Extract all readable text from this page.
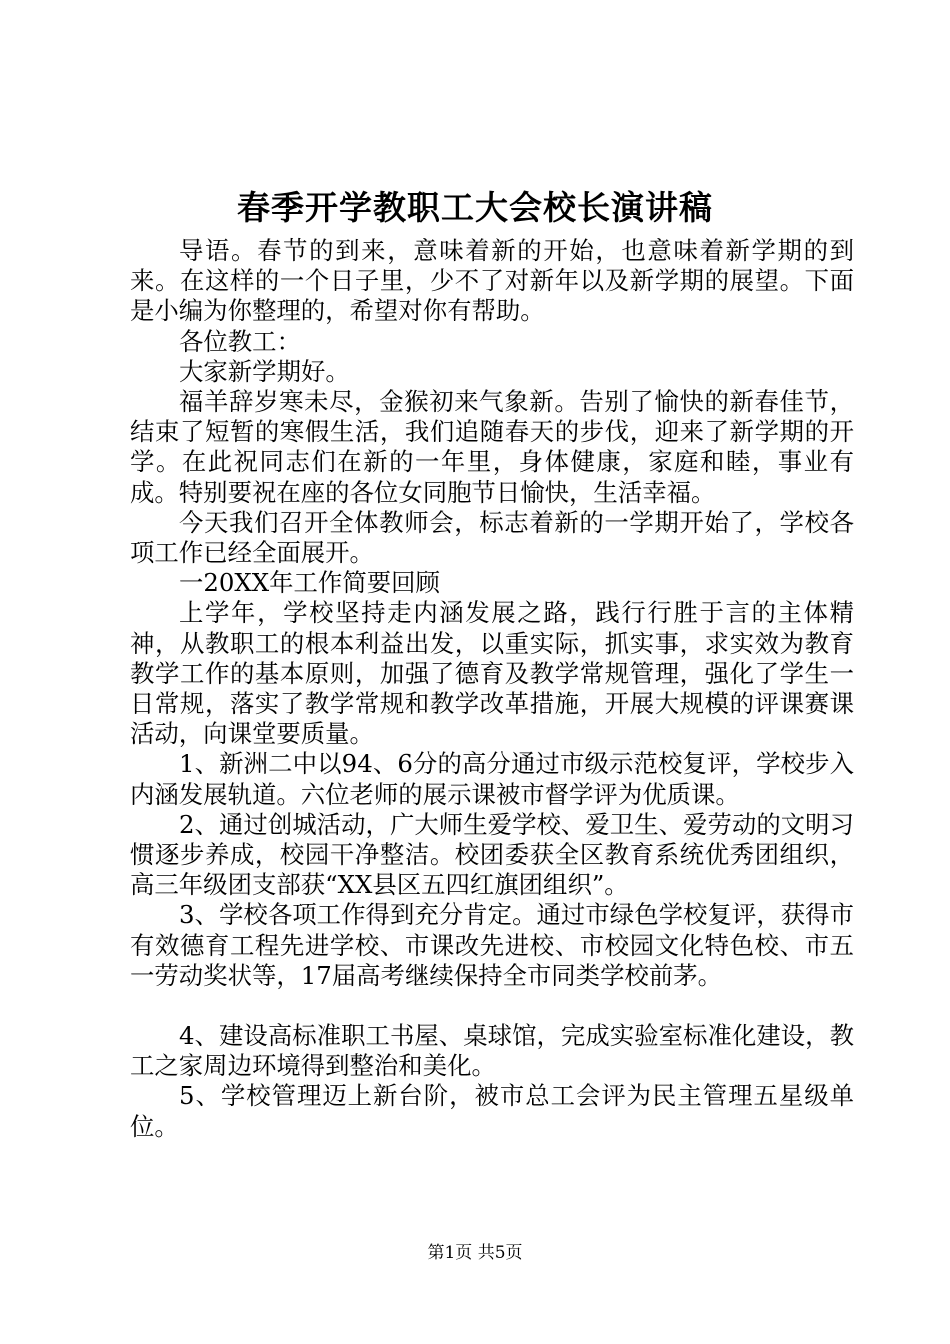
春季开学教职工大会校长演讲稿

导语。春节的到来，意味着新的开始，也意味着新学期的到来。在这样的一个日子里，少不了对新年以及新学期的展望。下面是小编为你整理的，希望对你有帮助。

各位教工：

大家新学期好。

福羊辞岁寒未尽，金猴初来气象新。告别了愉快的新春佳节，结束了短暂的寒假生活，我们追随春天的步伐，迎来了新学期的开学。在此祝同志们在新的一年里，身体健康，家庭和睦，事业有成。特别要祝在座的各位女同胞节日愉快，生活幸福。

今天我们召开全体教师会，标志着新的一学期开始了，学校各项工作已经全面展开。

一20XX年工作简要回顾

上学年，学校坚持走内涵发展之路，践行行胜于言的主体精神，从教职工的根本利益出发，以重实际，抓实事，求实效为教育教学工作的基本原则，加强了德育及教学常规管理，强化了学生一日常规，落实了教学常规和教学改革措施，开展大规模的评课赛课活动，向课堂要质量。

1、新洲二中以94、6分的高分通过市级示范校复评，学校步入内涵发展轨道。六位老师的展示课被市督学评为优质课。

2、通过创城活动，广大师生爱学校、爱卫生、爱劳动的文明习惯逐步养成，校园干净整洁。校团委获全区教育系统优秀团组织，高三年级团支部获“XX县区五四红旗团组织”。

3、学校各项工作得到充分肯定。通过市绿色学校复评，获得市有效德育工程先进学校、市课改先进校、市校园文化特色校、市五一劳动奖状等，17届高考继续保持全市同类学校前茅。

4、建设高标准职工书屋、桌球馆，完成实验室标准化建设，教工之家周边环境得到整治和美化。

5、学校管理迈上新台阶，被市总工会评为民主管理五星级单位。

第1页 共5页
